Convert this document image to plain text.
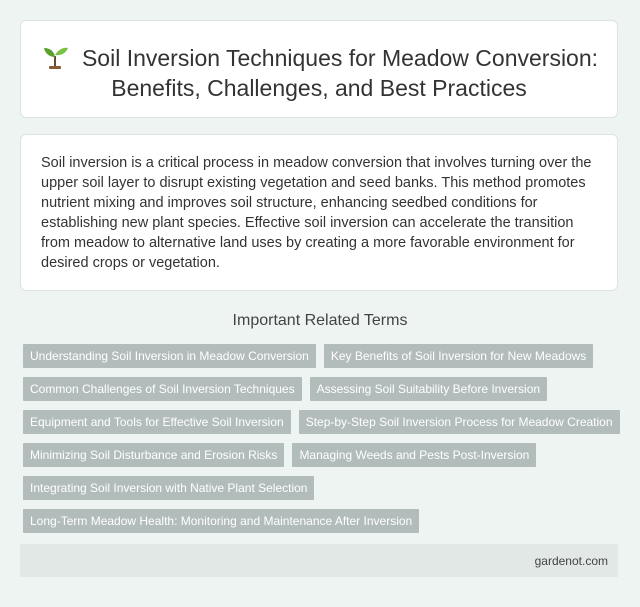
Soil Inversion Techniques for Meadow Conversion: Benefits, Challenges, and Best Practices

Soil inversion is a critical process in meadow conversion that involves turning over the upper soil layer to disrupt existing vegetation and seed banks. This method promotes nutrient mixing and improves soil structure, enhancing seedbed conditions for establishing new plant species. Effective soil inversion can accelerate the transition from meadow to alternative land uses by creating a more favorable environment for desired crops or vegetation.

Important Related Terms
Understanding Soil Inversion in Meadow Conversion	Key Benefits of Soil Inversion for New Meadows
Common Challenges of Soil Inversion Techniques	Assessing Soil Suitability Before Inversion
Equipment and Tools for Effective Soil Inversion	Step-by-Step Soil Inversion Process for Meadow Creation
Minimizing Soil Disturbance and Erosion Risks	Managing Weeds and Pests Post-Inversion
Integrating Soil Inversion with Native Plant Selection
Long-Term Meadow Health: Monitoring and Maintenance After Inversion
gardenot.com
